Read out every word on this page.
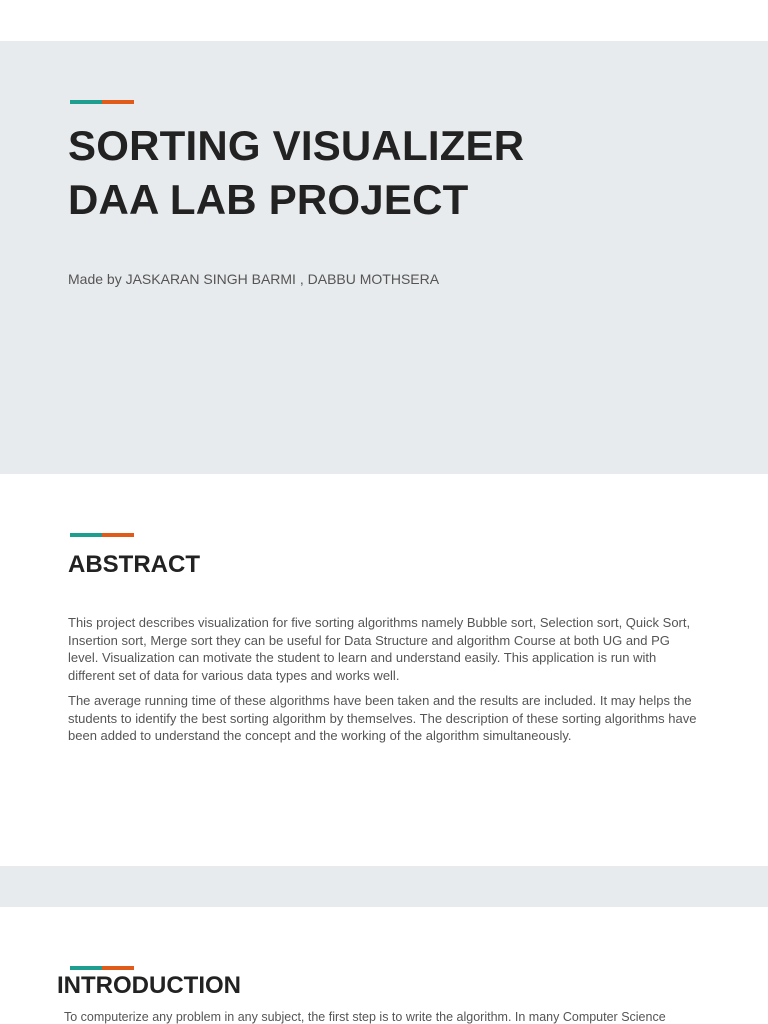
SORTING VISUALIZER
DAA LAB PROJECT

Made by JASKARAN SINGH BARMI , DABBU MOTHSERA

ABSTRACT

This project describes visualization for five sorting algorithms namely Bubble sort, Selection sort, Quick Sort, Insertion sort, Merge sort they can be useful for Data Structure and algorithm Course at both UG and PG level. Visualization can motivate the student to learn and understand easily. This application is run with different set of data for various data types and works well.

The average running time of these algorithms have been taken and the results are included. It may helps the students to identify the best sorting algorithm by themselves. The description of these sorting algorithms have been added to understand the concept and the working of the algorithm simultaneously.

INTRODUCTION
To computerize any problem in any subject, the first step is to write the algorithm. In many Computer Science
